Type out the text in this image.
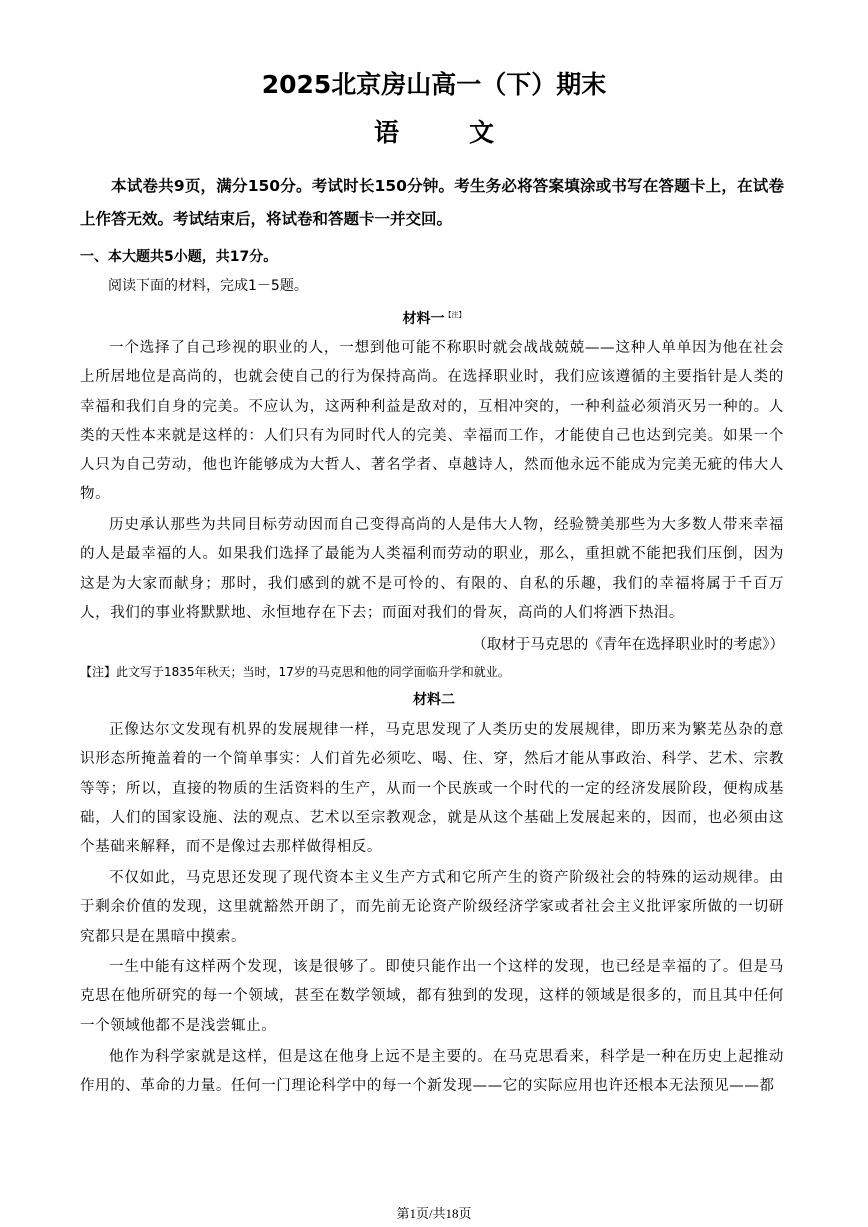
2025北京房山高一（下）期末
语	文
本试卷共9页，满分150分。考试时长150分钟。考生务必将答案填涂或书写在答题卡上，在试卷上作答无效。考试结束后，将试卷和答题卡一并交回。
一、本大题共5小题，共17分。
阅读下面的材料，完成1－5题。
材料一$^{【注】}$
一个选择了自己珍视的职业的人，一想到他可能不称职时就会战战兢兢——这种人单单因为他在社会上所居地位是高尚的，也就会使自己的行为保持高尚。在选择职业时，我们应该遵循的主要指针是人类的幸福和我们自身的完美。不应认为，这两种利益是敌对的，互相冲突的，一种利益必须消灭另一种的。人类的天性本来就是这样的：人们只有为同时代人的完美、幸福而工作，才能使自己也达到完美。如果一个人只为自己劳动，他也许能够成为大哲人、著名学者、卓越诗人，然而他永远不能成为完美无疵的伟大人物。
历史承认那些为共同目标劳动因而自己变得高尚的人是伟大人物，经验赞美那些为大多数人带来幸福的人是最幸福的人。如果我们选择了最能为人类福利而劳动的职业，那么，重担就不能把我们压倒，因为这是为大家而献身；那时，我们感到的就不是可怜的、有限的、自私的乐趣，我们的幸福将属于千百万人，我们的事业将默默地、永恒地存在下去；而面对我们的骨灰，高尚的人们将洒下热泪。
（取材于马克思的《青年在选择职业时的考虑》）
【注】此文写于1835年秋天；当时，17岁的马克思和他的同学面临升学和就业。
材料二
正像达尔文发现有机界的发展规律一样，马克思发现了人类历史的发展规律，即历来为繁芜丛杂的意识形态所掩盖着的一个简单事实：人们首先必须吃、喝、住、穿，然后才能从事政治、科学、艺术、宗教等等；所以，直接的物质的生活资料的生产，从而一个民族或一个时代的一定的经济发展阶段，便构成基础，人们的国家设施、法的观点、艺术以至宗教观念，就是从这个基础上发展起来的，因而，也必须由这个基础来解释，而不是像过去那样做得相反。
不仅如此，马克思还发现了现代资本主义生产方式和它所产生的资产阶级社会的特殊的运动规律。由于剩余价值的发现，这里就豁然开朗了，而先前无论资产阶级经济学家或者社会主义批评家所做的一切研究都只是在黑暗中摸索。
一生中能有这样两个发现，该是很够了。即使只能作出一个这样的发现，也已经是幸福的了。但是马克思在他所研究的每一个领域，甚至在数学领域，都有独到的发现，这样的领域是很多的，而且其中任何一个领域他都不是浅尝辄止。
他作为科学家就是这样，但是这在他身上远不是主要的。在马克思看来，科学是一种在历史上起推动作用的、革命的力量。任何一门理论科学中的每一个新发现——它的实际应用也许还根本无法预见——都
第1页/共18页
